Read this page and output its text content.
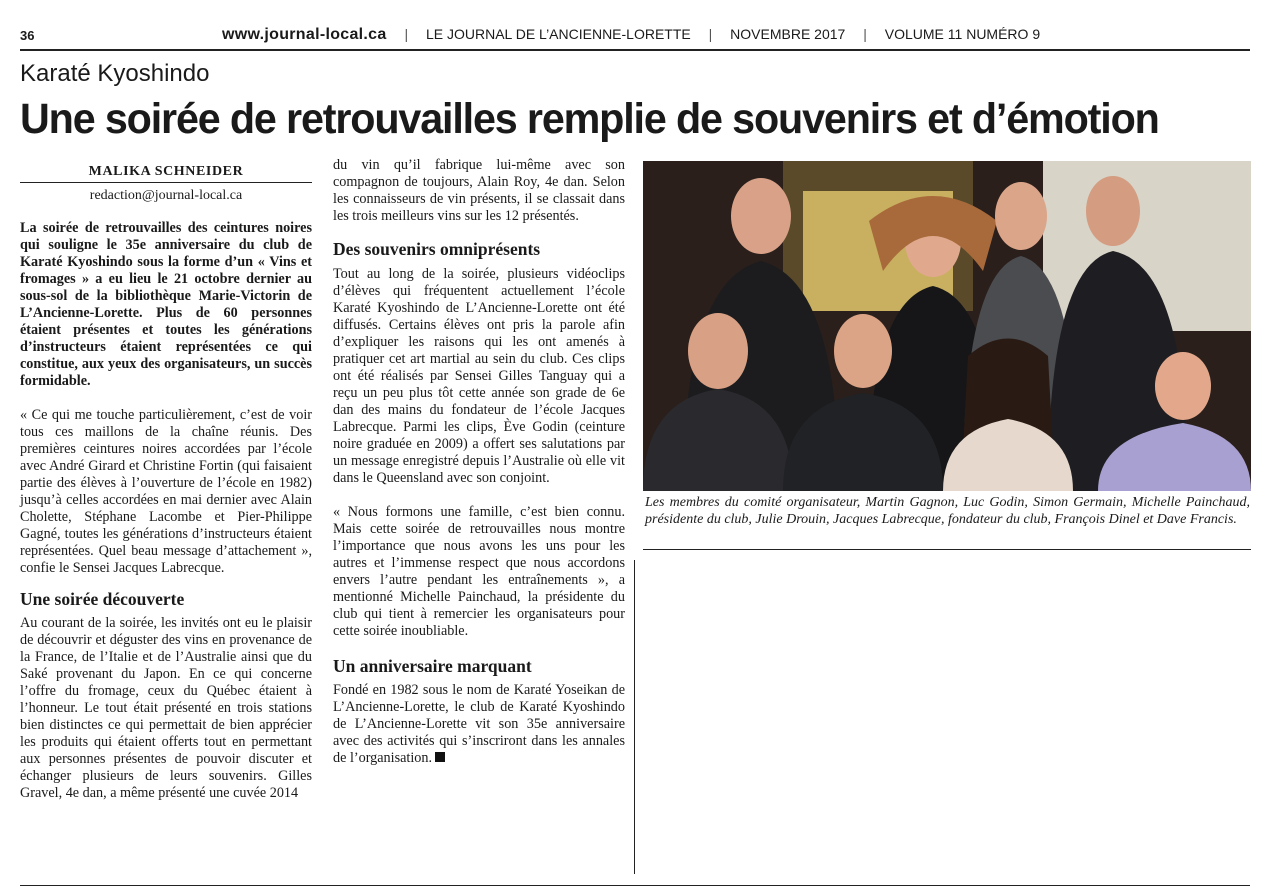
36	www.journal-local.ca | LE JOURNAL DE L’ANCIENNE-LORETTE | NOVEMBRE 2017 | VOLUME 11 NUMÉRO 9
Karaté Kyoshindo
Une soirée de retrouvailles remplie de souvenirs et d’émotion
MALIKA SCHNEIDER
redaction@journal-local.ca

La soirée de retrouvailles des ceintures noires qui souligne le 35e anniversaire du club de Karaté Kyoshindo sous la forme d’un « Vins et fromages » a eu lieu le 21 octobre dernier au sous-sol de la bibliothèque Marie-Victorin de L’Ancienne-Lorette. Plus de 60 personnes étaient présentes et toutes les générations d’instructeurs étaient représentées ce qui constitue, aux yeux des organisateurs, un succès formidable.

« Ce qui me touche particulièrement, c’est de voir tous ces maillons de la chaîne réunis. Des premières ceintures noires accordées par l’école avec André Girard et Christine Fortin (qui faisaient partie des élèves à l’ouverture de l’école en 1982) jusqu’à celles accordées en mai dernier avec Alain Cholette, Stéphane Lacombe et Pier-Philippe Gagné, toutes les générations d’instructeurs étaient représentées. Quel beau message d’attachement », confie le Sensei Jacques Labrecque.

Une soirée découverte

Au courant de la soirée, les invités ont eu le plaisir de découvrir et déguster des vins en provenance de la France, de l’Italie et de l’Australie ainsi que du Saké provenant du Japon. En ce qui concerne l’offre du fromage, ceux du Québec étaient à l’honneur. Le tout était présenté en trois stations bien distinctes ce qui permettait de bien apprécier les produits qui étaient offerts tout en permettant aux personnes présentes de pouvoir discuter et échanger plusieurs de leurs souvenirs. Gilles Gravel, 4e dan, a même présenté une cuvée 2014

du vin qu’il fabrique lui-même avec son compagnon de toujours, Alain Roy, 4e dan. Selon les connaisseurs de vin présents, il se classait dans les trois meilleurs vins sur les 12 présentés.

Des souvenirs omniprésents

Tout au long de la soirée, plusieurs vidéoclips d’élèves qui fréquentent actuellement l’école Karaté Kyoshindo de L’Ancienne-Lorette ont été diffusés. Certains élèves ont pris la parole afin d’expliquer les raisons qui les ont amenés à pratiquer cet art martial au sein du club. Ces clips ont été réalisés par Sensei Gilles Tanguay qui a reçu un peu plus tôt cette année son grade de 6e dan des mains du fondateur de l’école Jacques Labrecque. Parmi les clips, Ève Godin (ceinture noire graduée en 2009) a offert ses salutations par un message enregistré depuis l’Australie où elle vit dans le Queensland avec son conjoint.

« Nous formons une famille, c’est bien connu. Mais cette soirée de retrouvailles nous montre l’importance que nous avons les uns pour les autres et l’immense respect que nous accordons envers l’autre pendant les entraînements », a mentionné Michelle Painchaud, la présidente du club qui tient à remercier les organisateurs pour cette soirée inoubliable.

Un anniversaire marquant

Fondé en 1982 sous le nom de Karaté Yoseikan de L’Ancienne-Lorette, le club de Karaté Kyoshindo de L’Ancienne-Lorette vit son 35e anniversaire avec des activités qui s’inscriront dans les annales de l’organisation.

Crédit photo : Gilles Tanguay
Les membres du comité organisateur, Martin Gagnon, Luc Godin, Simon Germain, Michelle Painchaud, présidente du club, Julie Drouin, Jacques Labrecque, fondateur du club, François Dinel et Dave Francis.
